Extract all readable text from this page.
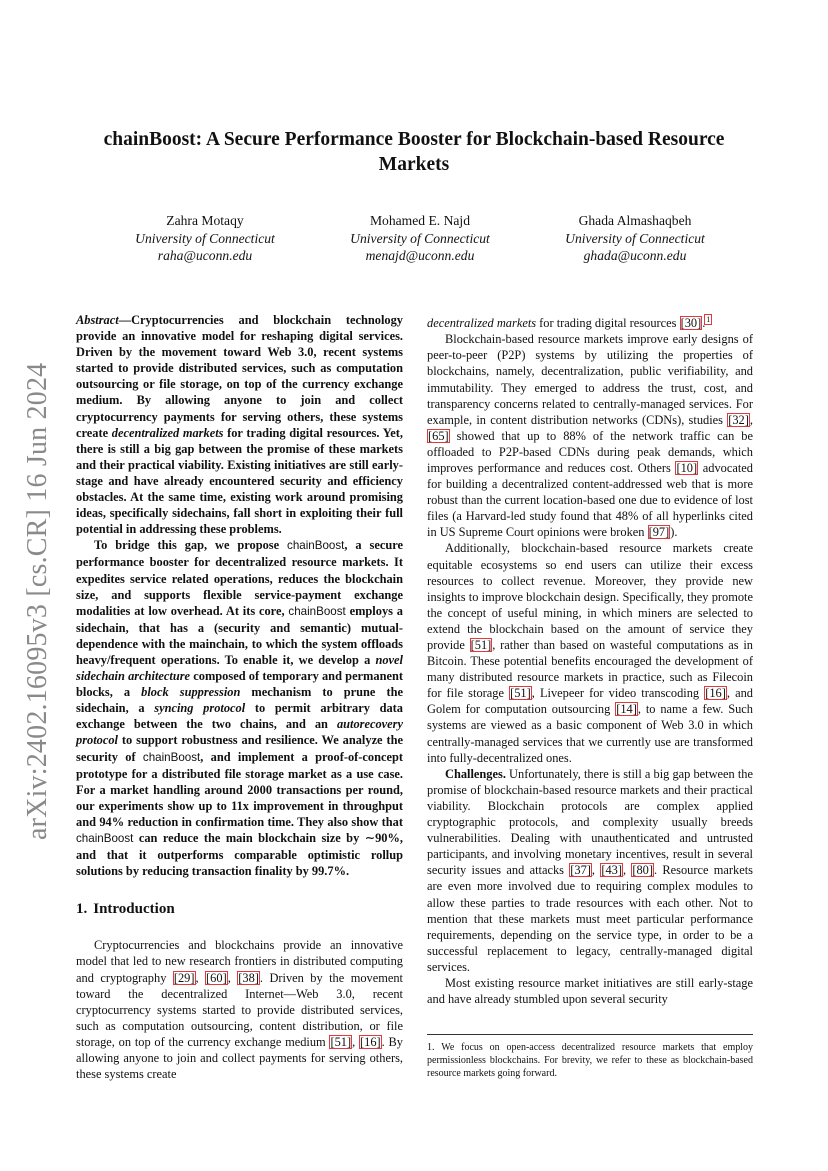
arXiv:2402.16095v3 [cs.CR] 16 Jun 2024
chainBoost: A Secure Performance Booster for Blockchain-based Resource
Markets
Zahra Motaqy
University of Connecticut
raha@uconn.edu
Mohamed E. Najd
University of Connecticut
menajd@uconn.edu
Ghada Almashaqbeh
University of Connecticut
ghada@uconn.edu

Abstract—Cryptocurrencies and blockchain technology provide an innovative model for reshaping digital services. Driven by the movement toward Web 3.0, recent systems started to provide distributed services, such as computation outsourcing or file storage, on top of the currency exchange medium. By allowing anyone to join and collect cryptocurrency payments for serving others, these systems create decentralized markets for trading digital resources. Yet, there is still a big gap between the promise of these markets and their practical viability. Existing initiatives are still early-stage and have already encountered security and efficiency obstacles. At the same time, existing work around promising ideas, specifically sidechains, fall short in exploiting their full potential in addressing these problems.

To bridge this gap, we propose chainBoost, a secure performance booster for decentralized resource markets. It expedites service related operations, reduces the blockchain size, and supports flexible service-payment exchange modalities at low overhead. At its core, chainBoost employs a sidechain, that has a (security and semantic) mutual-dependence with the mainchain, to which the system offloads heavy/frequent operations. To enable it, we develop a novel sidechain architecture composed of temporary and permanent blocks, a block suppression mechanism to prune the sidechain, a syncing protocol to permit arbitrary data exchange between the two chains, and an autorecovery protocol to support robustness and resilience. We analyze the security of chainBoost, and implement a proof-of-concept prototype for a distributed file storage market as a use case. For a market handling around 2000 transactions per round, our experiments show up to 11x improvement in throughput and 94% reduction in confirmation time. They also show that chainBoost can reduce the main blockchain size by ∼90%, and that it outperforms comparable optimistic rollup solutions by reducing transaction finality by 99.7%.

1. Introduction

Cryptocurrencies and blockchains provide an innovative model that led to new research frontiers in distributed computing and cryptography [29], [60], [38]. Driven by the movement toward the decentralized Internet—Web 3.0, recent cryptocurrency systems started to provide distributed services, such as computation outsourcing, content distribution, or file storage, on top of the currency exchange medium [51], [16]. By allowing anyone to join and collect payments for serving others, these systems create

decentralized markets for trading digital resources [30].$^1$

Blockchain-based resource markets improve early designs of peer-to-peer (P2P) systems by utilizing the properties of blockchains, namely, decentralization, public verifiability, and immutability. They emerged to address the trust, cost, and transparency concerns related to centrally-managed services. For example, in content distribution networks (CDNs), studies [32], [65] showed that up to 88% of the network traffic can be offloaded to P2P-based CDNs during peak demands, which improves performance and reduces cost. Others [10] advocated for building a decentralized content-addressed web that is more robust than the current location-based one due to evidence of lost files (a Harvard-led study found that 48% of all hyperlinks cited in US Supreme Court opinions were broken [97]).

Additionally, blockchain-based resource markets create equitable ecosystems so end users can utilize their excess resources to collect revenue. Moreover, they provide new insights to improve blockchain design. Specifically, they promote the concept of useful mining, in which miners are selected to extend the blockchain based on the amount of service they provide [51], rather than based on wasteful computations as in Bitcoin. These potential benefits encouraged the development of many distributed resource markets in practice, such as Filecoin for file storage [51], Livepeer for video transcoding [16], and Golem for computation outsourcing [14], to name a few. Such systems are viewed as a basic component of Web 3.0 in which centrally-managed services that we currently use are transformed into fully-decentralized ones.

Challenges. Unfortunately, there is still a big gap between the promise of blockchain-based resource markets and their practical viability. Blockchain protocols are complex applied cryptographic protocols, and complexity usually breeds vulnerabilities. Dealing with unauthenticated and untrusted participants, and involving monetary incentives, result in several security issues and attacks [37], [43], [80]. Resource markets are even more involved due to requiring complex modules to allow these parties to trade resources with each other. Not to mention that these markets must meet particular performance requirements, depending on the service type, in order to be a successful replacement to legacy, centrally-managed digital services.

Most existing resource market initiatives are still early-stage and have already stumbled upon several security

1. We focus on open-access decentralized resource markets that employ permissionless blockchains. For brevity, we refer to these as blockchain-based resource markets going forward.
